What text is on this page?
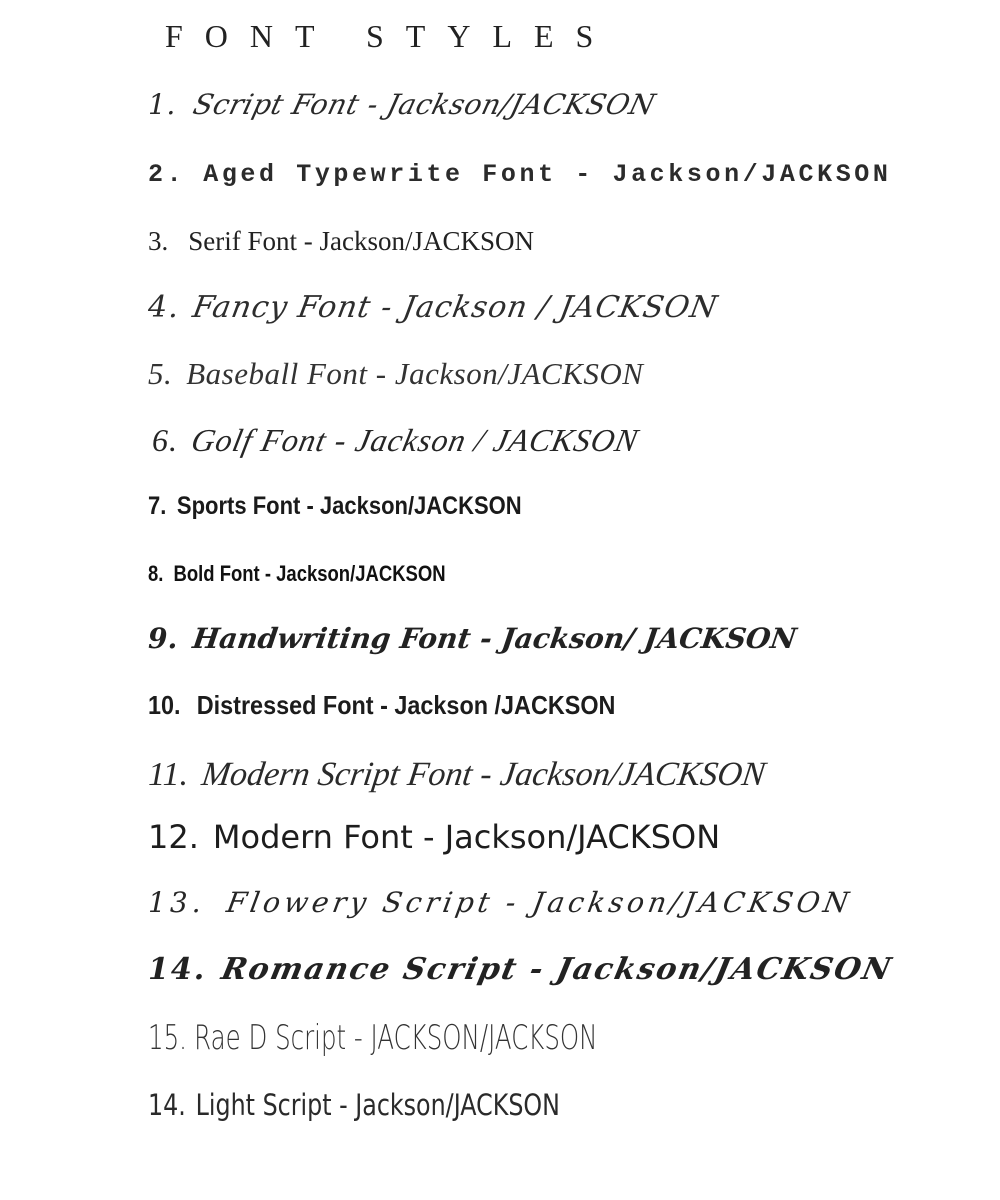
FONT STYLES
1. Script Font - Jackson/JACKSON
2. Aged Typewrite Font - Jackson/JACKSON
3. Serif Font - Jackson/JACKSON
4. Fancy Font - Jackson / JACKSON
5. Baseball Font - Jackson/JACKSON
6. Golf Font - Jackson / JACKSON
7. Sports Font - Jackson/JACKSON
8. Bold Font - Jackson/JACKSON
9. Handwriting Font - Jackson/ JACKSON
10. Distressed Font - Jackson /JACKSON
11. Modern Script Font - Jackson/JACKSON
12. Modern Font - Jackson/JACKSON
13. Flowery Script - Jackson/JACKSON
14. Romance Script - Jackson/JACKSON
15. Rae D Script - JACKSON/JACKSON
14. Light Script - Jackson/JACKSON
